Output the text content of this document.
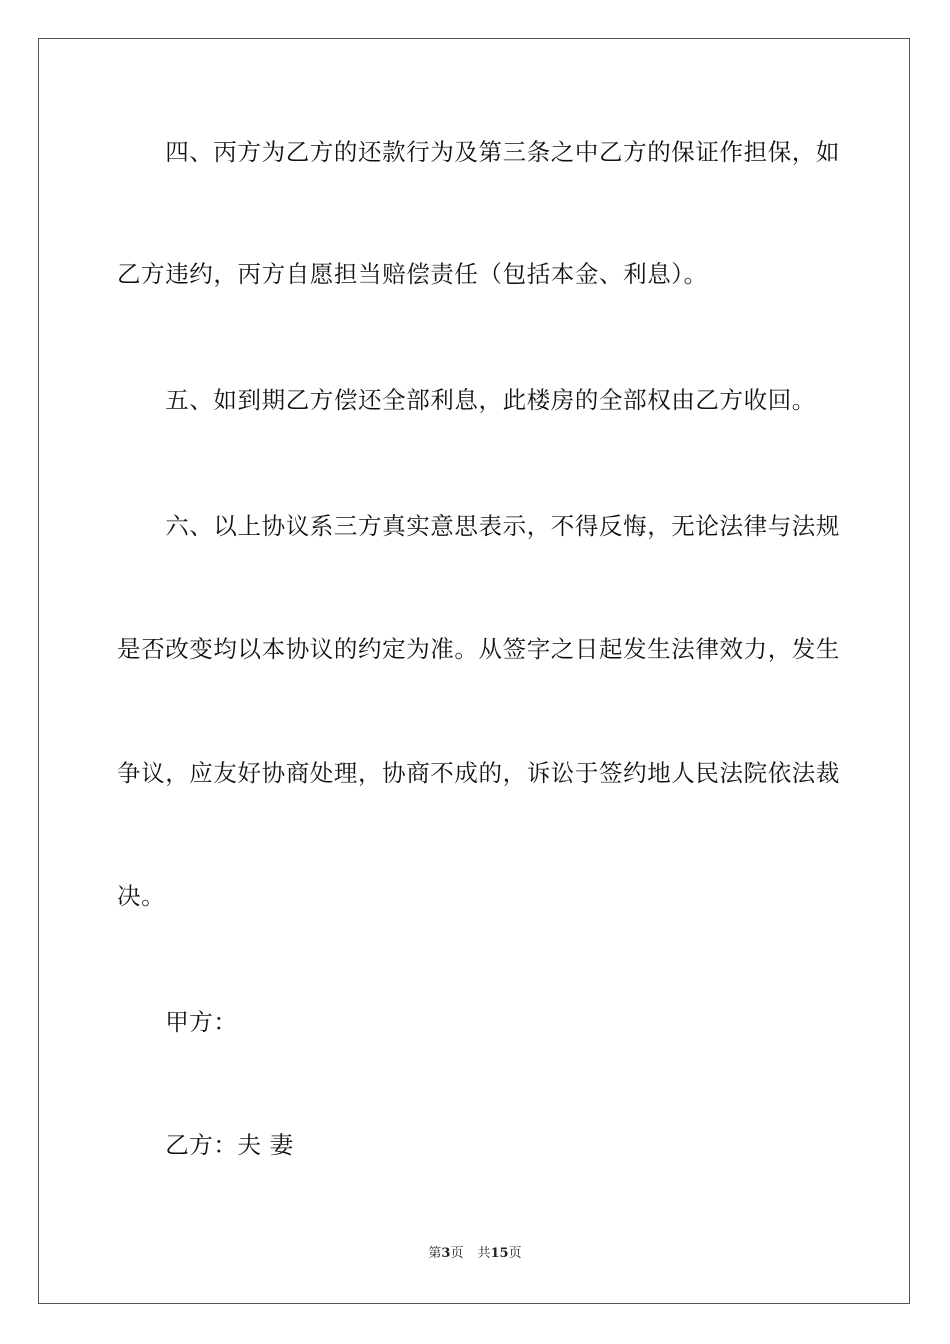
　　四、丙方为乙方的还款行为及第三条之中乙方的保证作担保，如
乙方违约，丙方自愿担当赔偿责任（包括本金、利息）。
　　五、如到期乙方偿还全部利息，此楼房的全部权由乙方收回。
　　六、以上协议系三方真实意思表示，不得反悔，无论法律与法规
是否改变均以本协议的约定为准。从签字之日起发生法律效力，发生
争议，应友好协商处理，协商不成的，诉讼于签约地人民法院依法裁
决。
　　甲方：
　　乙方：夫 妻
第3页 共15页
